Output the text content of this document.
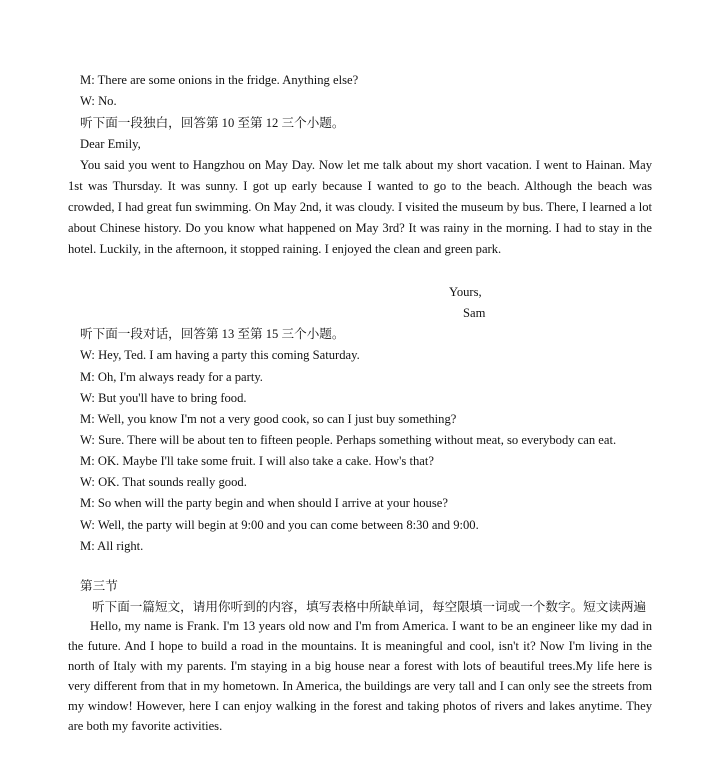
M: There are some onions in the fridge. Anything else?
W: No.
听下面一段独白，回答第 10 至第 12 三个小题。
Dear Emily,
You said you went to Hangzhou on May Day. Now let me talk about my short vacation. I went to Hainan. May 1st was Thursday. It was sunny. I got up early because I wanted to go to the beach. Although the beach was crowded, I had great fun swimming. On May 2nd, it was cloudy. I visited the museum by bus. There, I learned a lot about Chinese history. Do you know what happened on May 3rd? It was rainy in the morning. I had to stay in the hotel. Luckily, in the afternoon, it stopped raining. I enjoyed the clean and green park.
Yours,
Sam
听下面一段对话，回答第 13 至第 15 三个小题。
W: Hey, Ted. I am having a party this coming Saturday.
M: Oh, I'm always ready for a party.
W: But you'll have to bring food.
M: Well, you know I'm not a very good cook, so can I just buy something?
W: Sure. There will be about ten to fifteen people. Perhaps something without meat, so everybody can eat.
M: OK. Maybe I'll take some fruit. I will also take a cake. How's that?
W: OK. That sounds really good.
M: So when will the party begin and when should I arrive at your house?
W: Well, the party will begin at 9:00 and you can come between 8:30 and 9:00.
M: All right.
第三节
听下面一篇短文，请用你听到的内容，填写表格中所缺单词，每空限填一词或一个数字。短文读两遍
Hello, my name is Frank. I'm 13 years old now and I'm from America. I want to be an engineer like my dad in the future. And I hope to build a road in the mountains. It is meaningful and cool, isn't it? Now I'm living in the north of Italy with my parents. I'm staying in a big house near a forest with lots of beautiful trees.My life here is very different from that in my hometown. In America, the buildings are very tall and I can only see the streets from my window! However, here I can enjoy walking in the forest and taking photos of rivers and lakes anytime. They are both my favorite activities.
